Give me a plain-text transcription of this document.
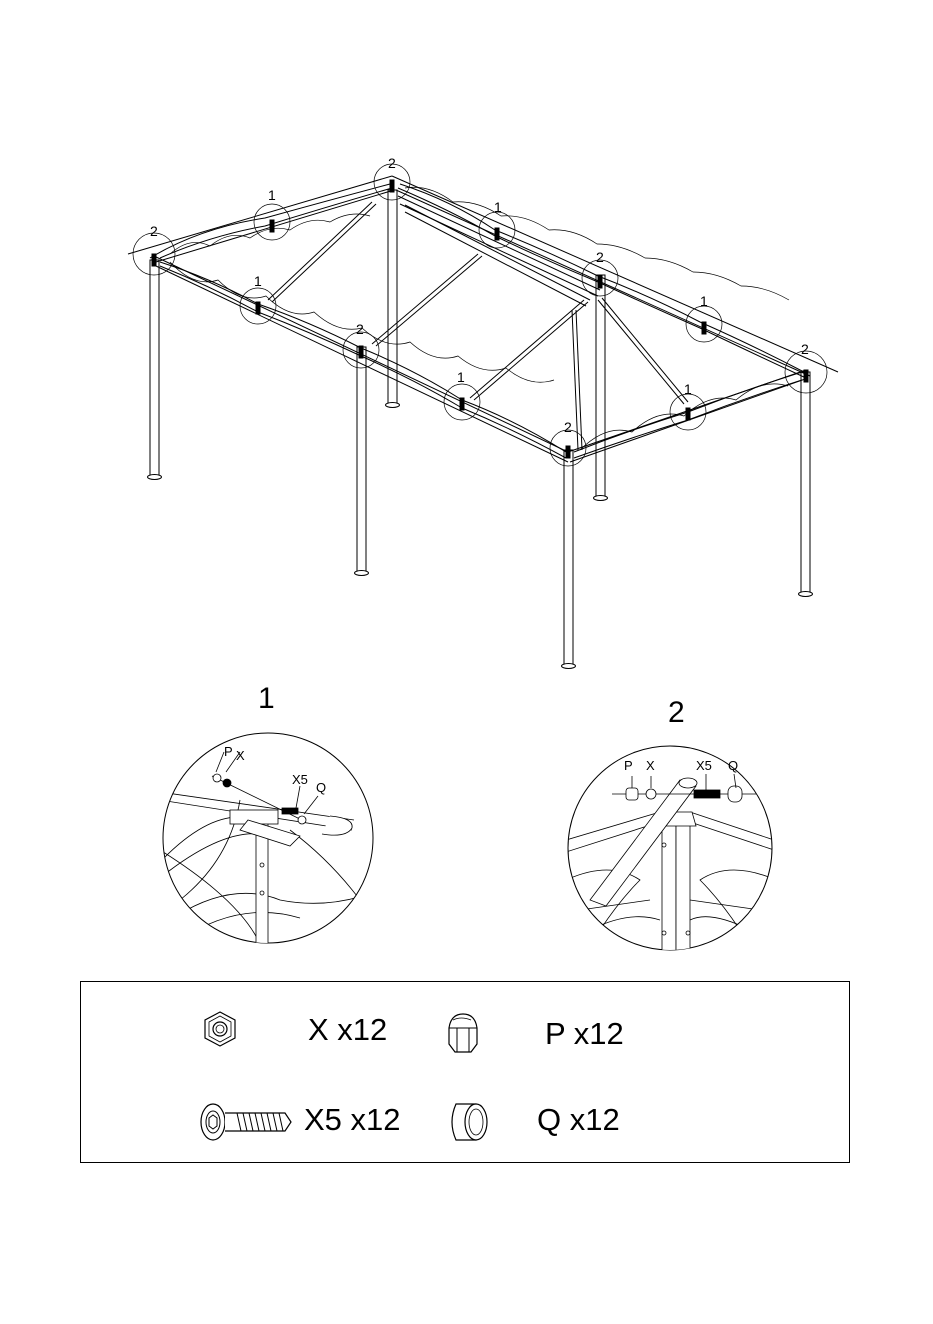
2
1
2
1
1
2
1
2
1
2
1
2
1
P X
X5
Q
2
P X	X5 Q
X x12	P x12
X5 x12	Q x12
